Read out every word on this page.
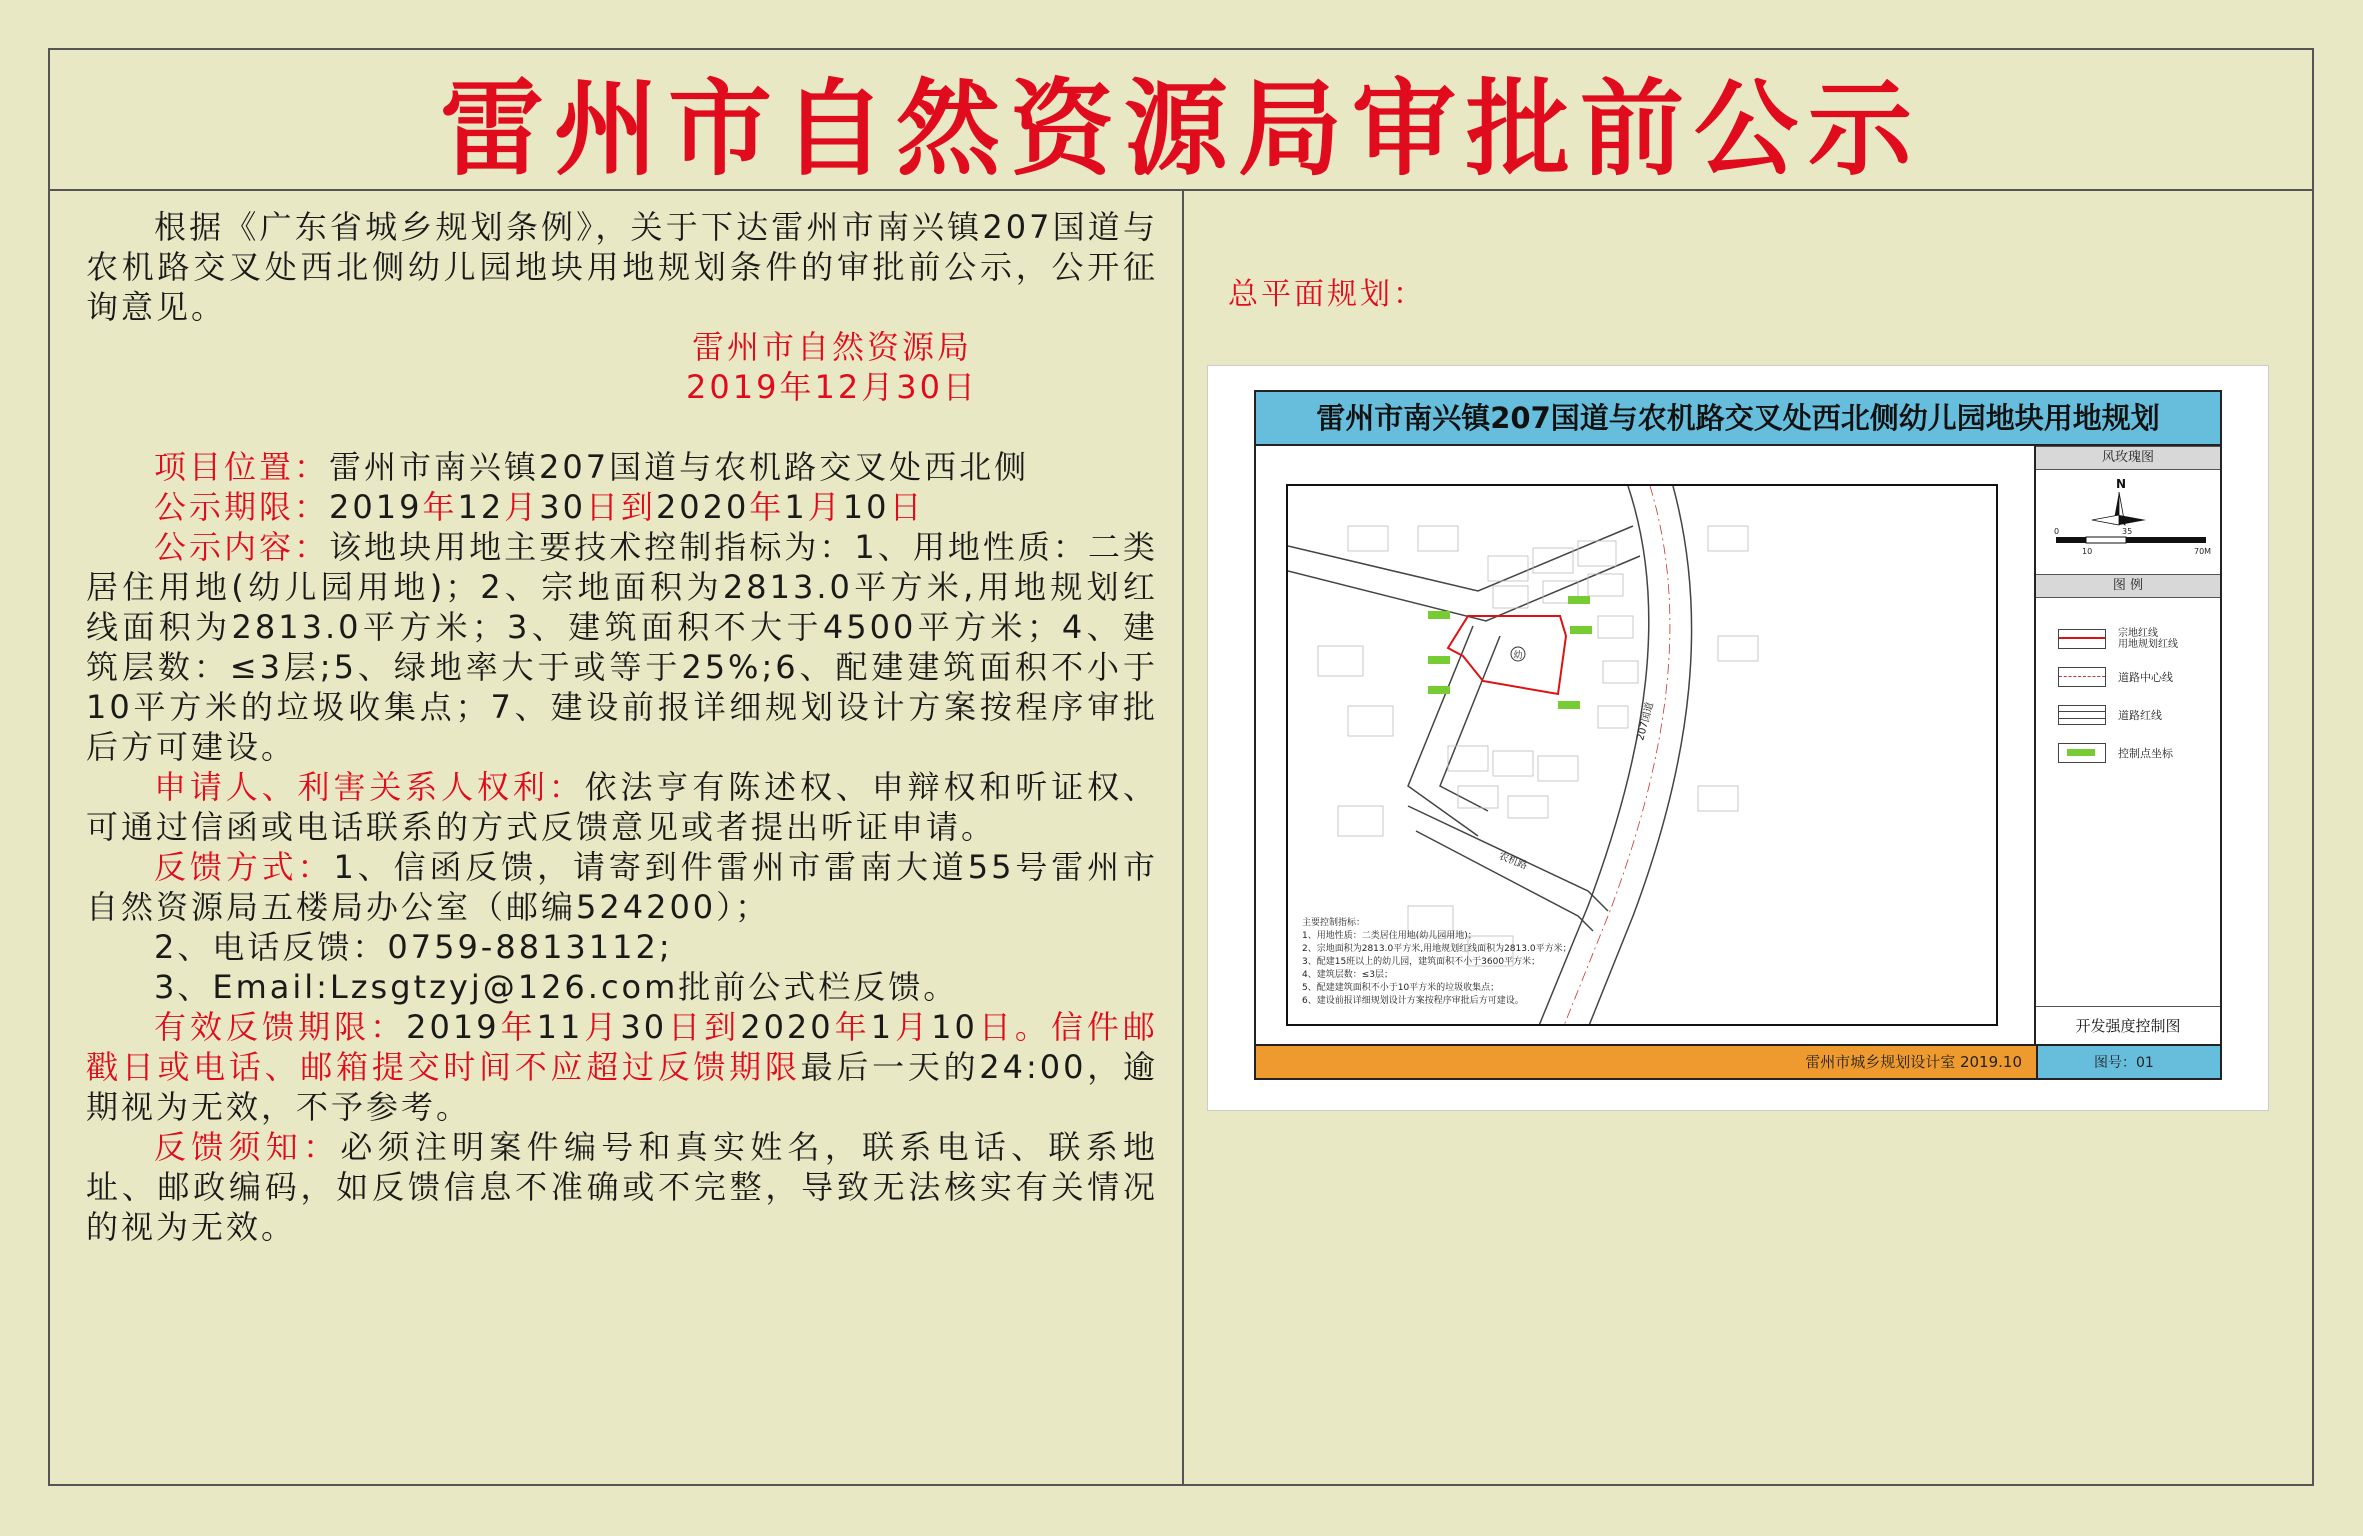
雷州市自然资源局审批前公示

根据《广东省城乡规划条例》，关于下达雷州市南兴镇207国道与农机路交叉处西北侧幼儿园地块用地规划条件的审批前公示，公开征询意见。

雷州市自然资源局
2019年12月30日

项目位置：雷州市南兴镇207国道与农机路交叉处西北侧

公示期限：2019年12月30日到2020年1月10日

公示内容：该地块用地主要技术控制指标为：1、用地性质：二类居住用地(幼儿园用地)；2、宗地面积为2813.0平方米,用地规划红线面积为2813.0平方米；3、建筑面积不大于4500平方米；4、建筑层数：≤3层;5、绿地率大于或等于25%;6、配建建筑面积不小于10平方米的垃圾收集点；7、建设前报详细规划设计方案按程序审批后方可建设。

申请人、利害关系人权利：依法亨有陈述权、申辩权和听证权、可通过信函或电话联系的方式反馈意见或者提出听证申请。

反馈方式：1、信函反馈，请寄到件雷州市雷南大道55号雷州市自然资源局五楼局办公室（邮编524200）；

2、电话反馈：0759-8813112;

3、Email:Lzsgtzyj@126.com批前公式栏反馈。

有效反馈期限：2019年11月30日到2020年1月10日。信件邮戳日或电话、邮箱提交时间不应超过反馈期限最后一天的24:00，逾期视为无效，不予参考。

反馈须知：必须注明案件编号和真实姓名，联系电话、联系地址、邮政编码，如反馈信息不准确或不完整，导致无法核实有关情况的视为无效。

总平面规划：
雷州市南兴镇207国道与农机路交叉处西北侧幼儿园地块用地规划
幼
207国道
农机路
主要控制指标：
1、用地性质：二类居住用地(幼儿园用地)；
2、宗地面积为2813.0平方米,用地规划红线面积为2813.0平方米；
3、配建15班以上的幼儿园，建筑面积不小于3600平方米；
4、建筑层数：≤3层；
5、配建建筑面积不小于10平方米的垃圾收集点；
6、建设前报详细规划设计方案按程序审批后方可建设。
风玫瑰图
N
0
10
35
70M
图 例
宗地红线
用地规划红线
道路中心线
道路红线
控制点坐标
开发强度控制图
雷州市城乡规划设计室 2019.10	图号：01
